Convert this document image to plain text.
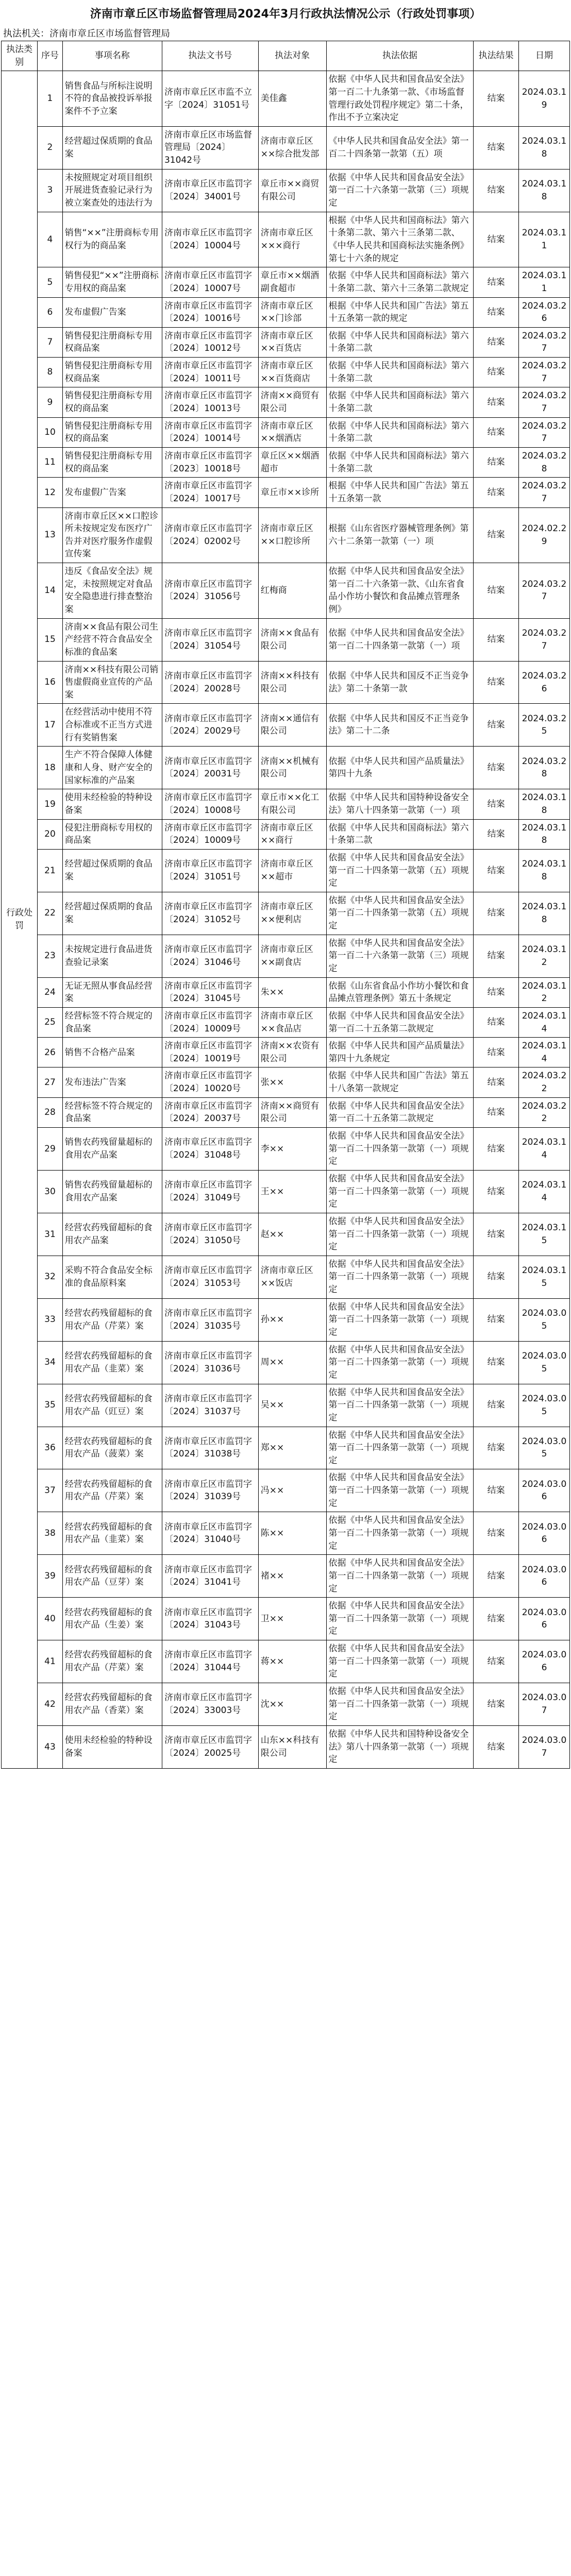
济南市章丘区市场监督管理局2024年3月行政执法情况公示（行政处罚事项）
执法机关：济南市章丘区市场监督管理局
执法类别	序号	事项名称	执法文书号	执法对象	执法依据	执法结果	日期
行政处罚	1	销售食品与所标注说明不符的食品被投诉举报案件不予立案	济南市章丘区市监不立字〔2024〕31051号	美佳鑫	依据《中华人民共和国食品安全法》第一百二十九条第一款、《市场监督管理行政处罚程序规定》第二十条，作出不予立案决定	结案	2024.03.19
	2	经营超过保质期的食品案	济南市章丘区市场监督管理局〔2024〕31042号	济南市章丘区××综合批发部	《中华人民共和国食品安全法》第一百二十四条第一款第（五）项	结案	2024.03.18
	3	未按照规定对项目组织开展进货查验记录行为被立案查处的违法行为	济南市章丘区市监罚字〔2024〕34001号	章丘市××商贸有限公司	依据《中华人民共和国食品安全法》第一百二十六条第一款第（三）项规定	结案	2024.03.18
	4	销售“××”注册商标专用权行为的商品案	济南市章丘区市监罚字〔2024〕10004号	济南市章丘区×××商行	根据《中华人民共和国商标法》第六十条第二款、第六十三条第二款、《中华人民共和国商标法实施条例》第七十六条的规定	结案	2024.03.11
	5	销售侵犯“××”注册商标专用权的商品案	济南市章丘区市监罚字〔2024〕10007号	章丘市××烟酒副食超市	依据《中华人民共和国商标法》第六十条第二款、第六十三条第二款规定	结案	2024.03.11
	6	发布虚假广告案	济南市章丘区市监罚字〔2024〕10016号	济南市章丘区××门诊部	根据《中华人民共和国广告法》第五十五条第一款的规定	结案	2024.03.26
	7	销售侵犯注册商标专用权商品案	济南市章丘区市监罚字〔2024〕10012号	济南市章丘区××百货店	依据《中华人民共和国商标法》第六十条第二款	结案	2024.03.27
	8	销售侵犯注册商标专用权商品案	济南市章丘区市监罚字〔2024〕10011号	济南市章丘区××百货商店	依据《中华人民共和国商标法》第六十条第二款	结案	2024.03.27
	9	销售侵犯注册商标专用权的商品案	济南市章丘区市监罚字〔2024〕10013号	济南××商贸有限公司	依据《中华人民共和国商标法》第六十条第二款	结案	2024.03.27
	10	销售侵犯注册商标专用权的商品案	济南市章丘区市监罚字〔2024〕10014号	济南市章丘区××烟酒店	依据《中华人民共和国商标法》第六十条第二款	结案	2024.03.27
	11	销售侵犯注册商标专用权的商品案	济南市章丘区市监罚字〔2023〕10018号	章丘区××烟酒超市	依据《中华人民共和国商标法》第六十条第二款	结案	2024.03.28
	12	发布虚假广告案	济南市章丘区市监罚字〔2024〕10017号	章丘市××诊所	根据《中华人民共和国广告法》第五十五条第一款	结案	2024.03.27
	13	济南市章丘区××口腔诊所未按规定发布医疗广告并对医疗服务作虚假宣传案	济南市章丘区市监罚字〔2024〕02002号	济南市章丘区××口腔诊所	根据《山东省医疗器械管理条例》第六十二条第一款第（一）项	结案	2024.02.29
	14	违反《食品安全法》规定，未按照规定对食品安全隐患进行排查整治案	济南市章丘区市监罚字〔2024〕31056号	红梅商	依据《中华人民共和国食品安全法》第一百二十六条第一款、《山东省食品小作坊小餐饮和食品摊点管理条例》	结案	2024.03.27
	15	济南××食品有限公司生产经营不符合食品安全标准的食品案	济南市章丘区市监罚字〔2024〕31054号	济南××食品有限公司	依据《中华人民共和国食品安全法》第一百二十四条第一款第（一）项	结案	2024.03.27
	16	济南××科技有限公司销售虚假商业宣传的产品案	济南市章丘区市监罚字〔2024〕20028号	济南××科技有限公司	依据《中华人民共和国反不正当竞争法》第二十条第一款	结案	2024.03.26
	17	在经营活动中使用不符合标准或不正当方式进行有奖销售案	济南市章丘区市监罚字〔2024〕20029号	济南××通信有限公司	依据《中华人民共和国反不正当竞争法》第二十二条	结案	2024.03.25
	18	生产不符合保障人体健康和人身、财产安全的国家标准的产品案	济南市章丘区市监罚字〔2024〕20031号	济南××机械有限公司	依据《中华人民共和国产品质量法》第四十九条	结案	2024.03.28
	19	使用未经检验的特种设备案	济南市章丘区市监罚字〔2024〕10008号	章丘市××化工有限公司	依据《中华人民共和国特种设备安全法》第八十四条第一款第（一）项	结案	2024.03.18
	20	侵犯注册商标专用权的商品案	济南市章丘区市监罚字〔2024〕10009号	济南市章丘区××商行	依据《中华人民共和国商标法》第六十条第二款	结案	2024.03.18
	21	经营超过保质期的食品案	济南市章丘区市监罚字〔2024〕31051号	济南市章丘区××超市	依据《中华人民共和国食品安全法》第一百二十四条第一款第（五）项规定	结案	2024.03.18
	22	经营超过保质期的食品案	济南市章丘区市监罚字〔2024〕31052号	济南市章丘区××便利店	依据《中华人民共和国食品安全法》第一百二十四条第一款第（五）项规定	结案	2024.03.18
	23	未按规定进行食品进货查验记录案	济南市章丘区市监罚字〔2024〕31046号	济南市章丘区××副食店	依据《中华人民共和国食品安全法》第一百二十六条第一款第（三）项规定	结案	2024.03.12
	24	无证无照从事食品经营案	济南市章丘区市监罚字〔2024〕31045号	朱××	依据《山东省食品小作坊小餐饮和食品摊点管理条例》第五十条规定	结案	2024.03.12
	25	经营标签不符合规定的食品案	济南市章丘区市监罚字〔2024〕10009号	济南市章丘区××食品店	依据《中华人民共和国食品安全法》第一百二十五条第二款规定	结案	2024.03.14
	26	销售不合格产品案	济南市章丘区市监罚字〔2024〕10019号	济南××农资有限公司	依据《中华人民共和国产品质量法》第四十九条规定	结案	2024.03.14
	27	发布违法广告案	济南市章丘区市监罚字〔2024〕10020号	张××	依据《中华人民共和国广告法》第五十八条第一款规定	结案	2024.03.22
	28	经营标签不符合规定的食品案	济南市章丘区市监罚字〔2024〕20037号	济南××商贸有限公司	依据《中华人民共和国食品安全法》第一百二十五条第二款规定	结案	2024.03.22
	29	销售农药残留量超标的食用农产品案	济南市章丘区市监罚字〔2024〕31048号	李××	依据《中华人民共和国食品安全法》第一百二十四条第一款第（一）项规定	结案	2024.03.14
	30	销售农药残留量超标的食用农产品案	济南市章丘区市监罚字〔2024〕31049号	王××	依据《中华人民共和国食品安全法》第一百二十四条第一款第（一）项规定	结案	2024.03.14
	31	经营农药残留超标的食用农产品案	济南市章丘区市监罚字〔2024〕31050号	赵××	依据《中华人民共和国食品安全法》第一百二十四条第一款第（一）项规定	结案	2024.03.15
	32	采购不符合食品安全标准的食品原料案	济南市章丘区市监罚字〔2024〕31053号	济南市章丘区××饭店	依据《中华人民共和国食品安全法》第一百二十四条第一款第（一）项规定	结案	2024.03.15
	33	经营农药残留超标的食用农产品（芹菜）案	济南市章丘区市监罚字〔2024〕31035号	孙××	依据《中华人民共和国食品安全法》第一百二十四条第一款第（一）项规定	结案	2024.03.05
	34	经营农药残留超标的食用农产品（韭菜）案	济南市章丘区市监罚字〔2024〕31036号	周××	依据《中华人民共和国食品安全法》第一百二十四条第一款第（一）项规定	结案	2024.03.05
	35	经营农药残留超标的食用农产品（豇豆）案	济南市章丘区市监罚字〔2024〕31037号	吴××	依据《中华人民共和国食品安全法》第一百二十四条第一款第（一）项规定	结案	2024.03.05
	36	经营农药残留超标的食用农产品（菠菜）案	济南市章丘区市监罚字〔2024〕31038号	郑××	依据《中华人民共和国食品安全法》第一百二十四条第一款第（一）项规定	结案	2024.03.05
	37	经营农药残留超标的食用农产品（芹菜）案	济南市章丘区市监罚字〔2024〕31039号	冯××	依据《中华人民共和国食品安全法》第一百二十四条第一款第（一）项规定	结案	2024.03.06
	38	经营农药残留超标的食用农产品（韭菜）案	济南市章丘区市监罚字〔2024〕31040号	陈××	依据《中华人民共和国食品安全法》第一百二十四条第一款第（一）项规定	结案	2024.03.06
	39	经营农药残留超标的食用农产品（豆芽）案	济南市章丘区市监罚字〔2024〕31041号	褚××	依据《中华人民共和国食品安全法》第一百二十四条第一款第（一）项规定	结案	2024.03.06
	40	经营农药残留超标的食用农产品（生姜）案	济南市章丘区市监罚字〔2024〕31043号	卫××	依据《中华人民共和国食品安全法》第一百二十四条第一款第（一）项规定	结案	2024.03.06
	41	经营农药残留超标的食用农产品（芹菜）案	济南市章丘区市监罚字〔2024〕31044号	蒋××	依据《中华人民共和国食品安全法》第一百二十四条第一款第（一）项规定	结案	2024.03.06
	42	经营农药残留超标的食用农产品（香菜）案	济南市章丘区市监罚字〔2024〕33003号	沈××	依据《中华人民共和国食品安全法》第一百二十四条第一款第（一）项规定	结案	2024.03.07
	43	使用未经检验的特种设备案	济南市章丘区市监罚字〔2024〕20025号	山东××科技有限公司	依据《中华人民共和国特种设备安全法》第八十四条第一款第（一）项规定	结案	2024.03.07
